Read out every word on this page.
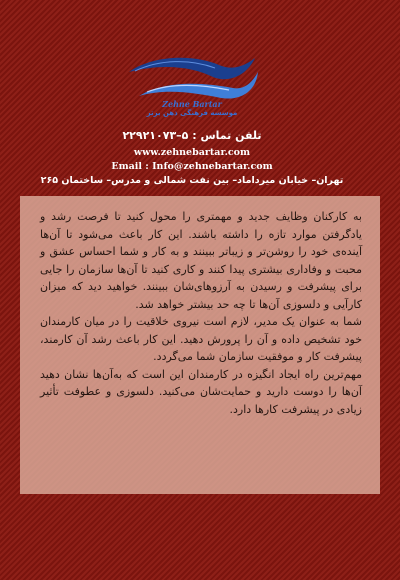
Zehne Bartar
موسسه فرهنگی ذهن برتر
تلفن تماس : ۲۲۹۲۱۰۷۳–۵
www.zehnebartar.com
Email : Info@zehnebartar.com
تهران– خیابان میرداماد– بین نفت شمالی و مدرس– ساختمان ۲۶۵

به کارکنان وظایف جدید و مهمتری را محول کنید تا فرصت رشد و یادگرفتن موارد تازه را داشته باشند. این کار باعث می‌شود تا آن‌ها آینده‌ی خود را روشن‌تر و زیباتر ببینند و به کار و شما احساس عشق و محبت و وفاداری بیشتری پیدا کنند و کاری کنید تا آن‌ها سازمان را جایی برای پیشرفت و رسیدن به آرزوهای‌شان ببینند. خواهید دید که میزان کارآیی و دلسوزی آن‌ها تا چه حد بیشتر خواهد شد.

شما به عنوان یک مدیر، لازم است نیروی خلاقیت را در میان کارمندان خود تشخیص داده و آن را پرورش دهید. این کار باعث رشد آن کارمند، پیشرفت کار و موفقیت سازمان شما می‌گردد.

مهم‌ترین راه ایجاد انگیزه در کارمندان این است که به‌آن‌ها نشان دهید آن‌ها را دوست دارید و حمایت‌شان می‌کنید. دلسوزی و عطوفت تأثیر زیادی در پیشرفت کارها دارد.
